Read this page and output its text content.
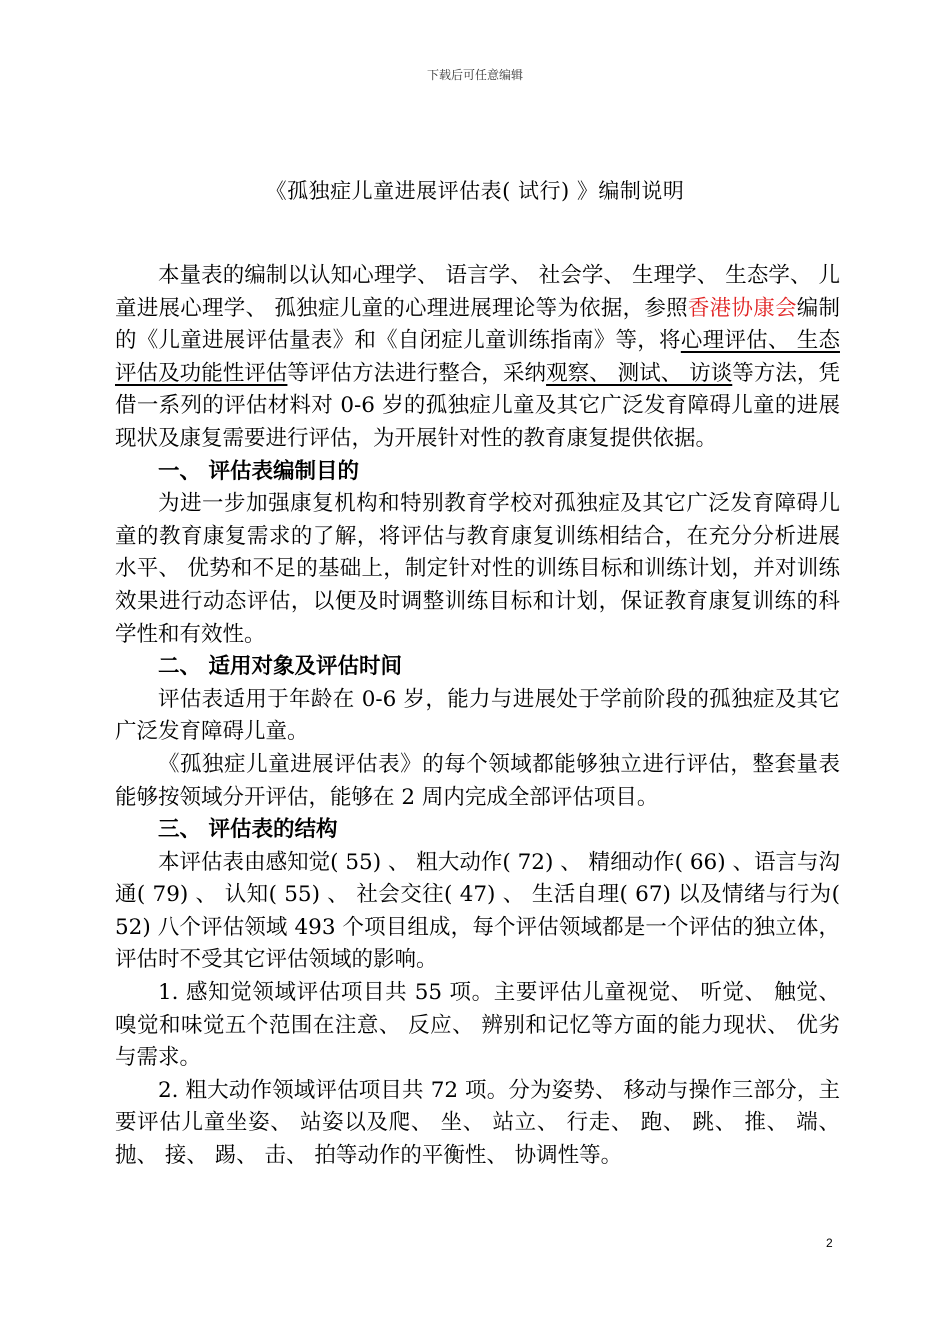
下载后可任意编辑
《孤独症儿童进展评估表( 试行) 》编制说明

本量表的编制以认知心理学、 语言学、 社会学、 生理学、 生态学、 儿童进展心理学、 孤独症儿童的心理进展理论等为依据，参照香港协康会编制的《儿童进展评估量表》和《自闭症儿童训练指南》等，将心理评估、 生态评估及功能性评估等评估方法进行整合，采纳观察、 测试、 访谈等方法，凭借一系列的评估材料对 0-6 岁的孤独症儿童及其它广泛发育障碍儿童的进展现状及康复需要进行评估，为开展针对性的教育康复提供依据。

一、 评估表编制目的

为进一步加强康复机构和特别教育学校对孤独症及其它广泛发育障碍儿童的教育康复需求的了解，将评估与教育康复训练相结合，在充分分析进展水平、 优势和不足的基础上，制定针对性的训练目标和训练计划，并对训练效果进行动态评估，以便及时调整训练目标和计划，保证教育康复训练的科学性和有效性。

二、 适用对象及评估时间

评估表适用于年龄在 0-6 岁，能力与进展处于学前阶段的孤独症及其它广泛发育障碍儿童。

《孤独症儿童进展评估表》的每个领域都能够独立进行评估，整套量表能够按领域分开评估，能够在 2 周内完成全部评估项目。

三、 评估表的结构

本评估表由感知觉( 55) 、 粗大动作( 72) 、 精细动作( 66) 、语言与沟通( 79) 、 认知( 55) 、 社会交往( 47) 、 生活自理( 67) 以及情绪与行为( 52) 八个评估领域 493 个项目组成，每个评估领域都是一个评估的独立体，评估时不受其它评估领域的影响。

1. 感知觉领域评估项目共 55 项。主要评估儿童视觉、 听觉、 触觉、 嗅觉和味觉五个范围在注意、 反应、 辨别和记忆等方面的能力现状、 优劣与需求。

2. 粗大动作领域评估项目共 72 项。分为姿势、 移动与操作三部分，主要评估儿童坐姿、 站姿以及爬、 坐、 站立、 行走、 跑、 跳、 推、 端、 抛、 接、 踢、 击、 拍等动作的平衡性、 协调性等。

2
